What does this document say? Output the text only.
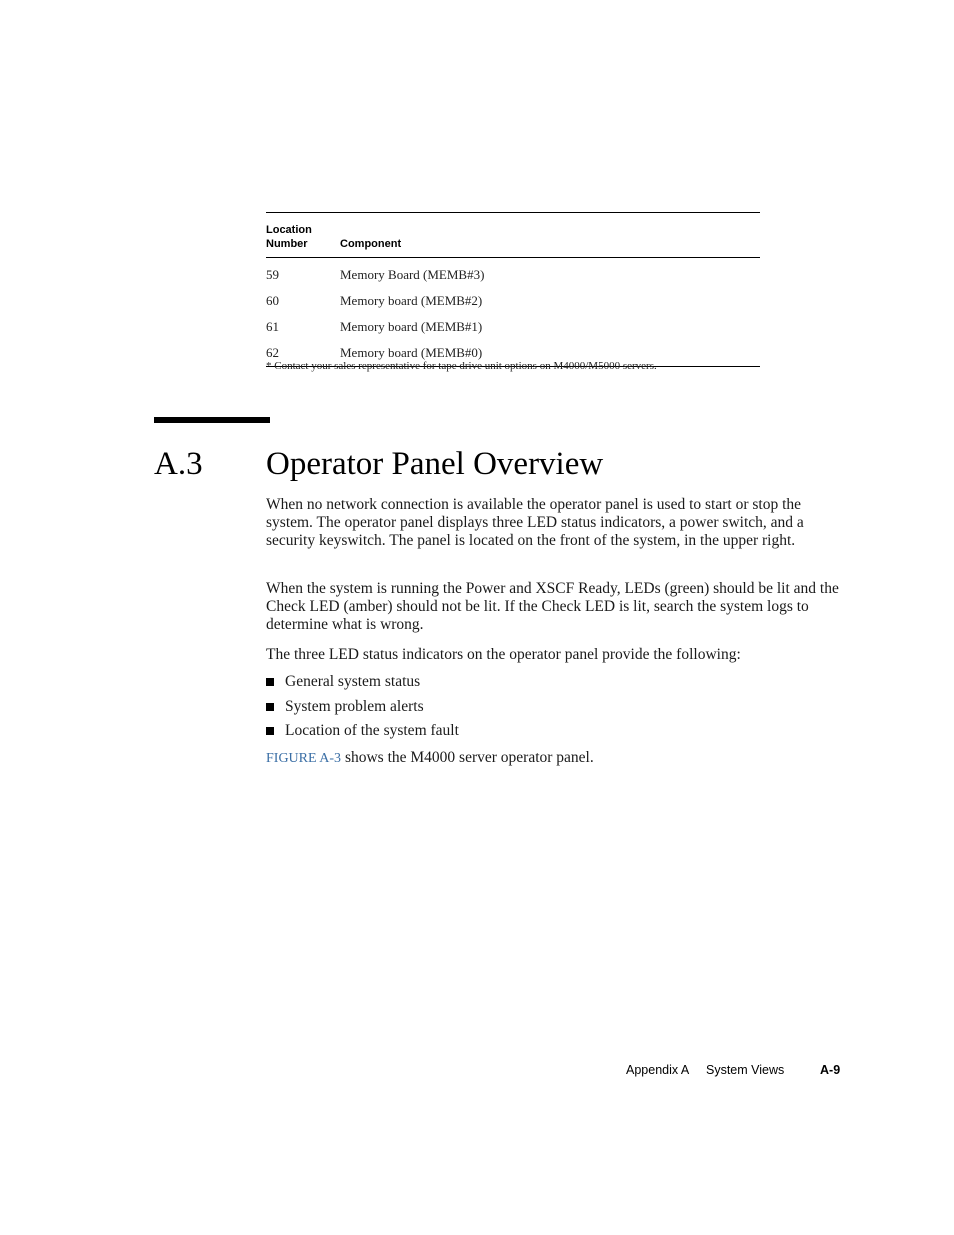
Location
Number	Component
59	Memory Board (MEMB#3)
60	Memory board (MEMB#2)
61	Memory board (MEMB#1)
62	Memory board (MEMB#0)
* Contact your sales representative for tape drive unit options on M4000/M5000 servers.
A.3 Operator Panel Overview

When no network connection is available the operator panel is used to start or stop the system. The operator panel displays three LED status indicators, a power switch, and a security keyswitch. The panel is located on the front of the system, in the upper right.

When the system is running the Power and XSCF Ready, LEDs (green) should be lit and the Check LED (amber) should not be lit. If the Check LED is lit, search the system logs to determine what is wrong.

The three LED status indicators on the operator panel provide the following:

General system status
System problem alerts
Location of the system fault

FIGURE A-3 shows the M4000 server operator panel.

Appendix A System Views	A-9
